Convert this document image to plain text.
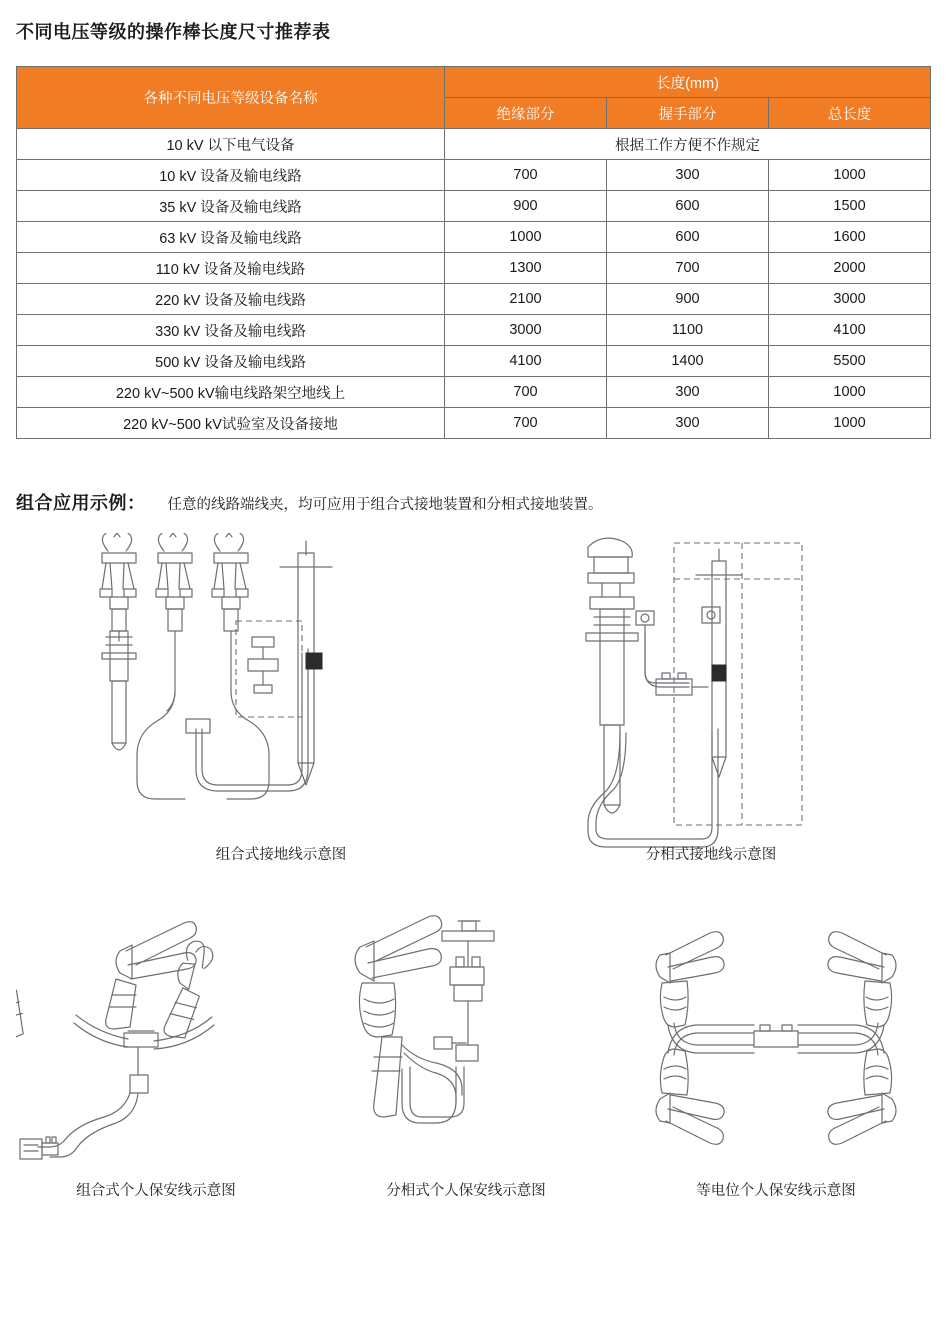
不同电压等级的操作棒长度尺寸推荐表
各种不同电压等级设备名称	长度(mm)		
	绝缘部分	握手部分	总长度
10 kV 以下电气设备	根据工作方便不作规定		
10 kV 设备及输电线路	700	300	1000
35 kV 设备及输电线路	900	600	1500
63 kV 设备及输电线路	1000	600	1600
110 kV 设备及输电线路	1300	700	2000
220 kV 设备及输电线路	2100	900	3000
330 kV 设备及输电线路	3000	1100	4100
500 kV 设备及输电线路	4100	1400	5500
220 kV~500 kV输电线路架空地线上	700	300	1000
220 kV~500 kV试验室及设备接地	700	300	1000
组合应用示例： 任意的线路端线夹，均可应用于组合式接地装置和分相式接地装置。
组合式接地线示意图	分相式接地线示意图
组合式个人保安线示意图	分相式个人保安线示意图	等电位个人保安线示意图
